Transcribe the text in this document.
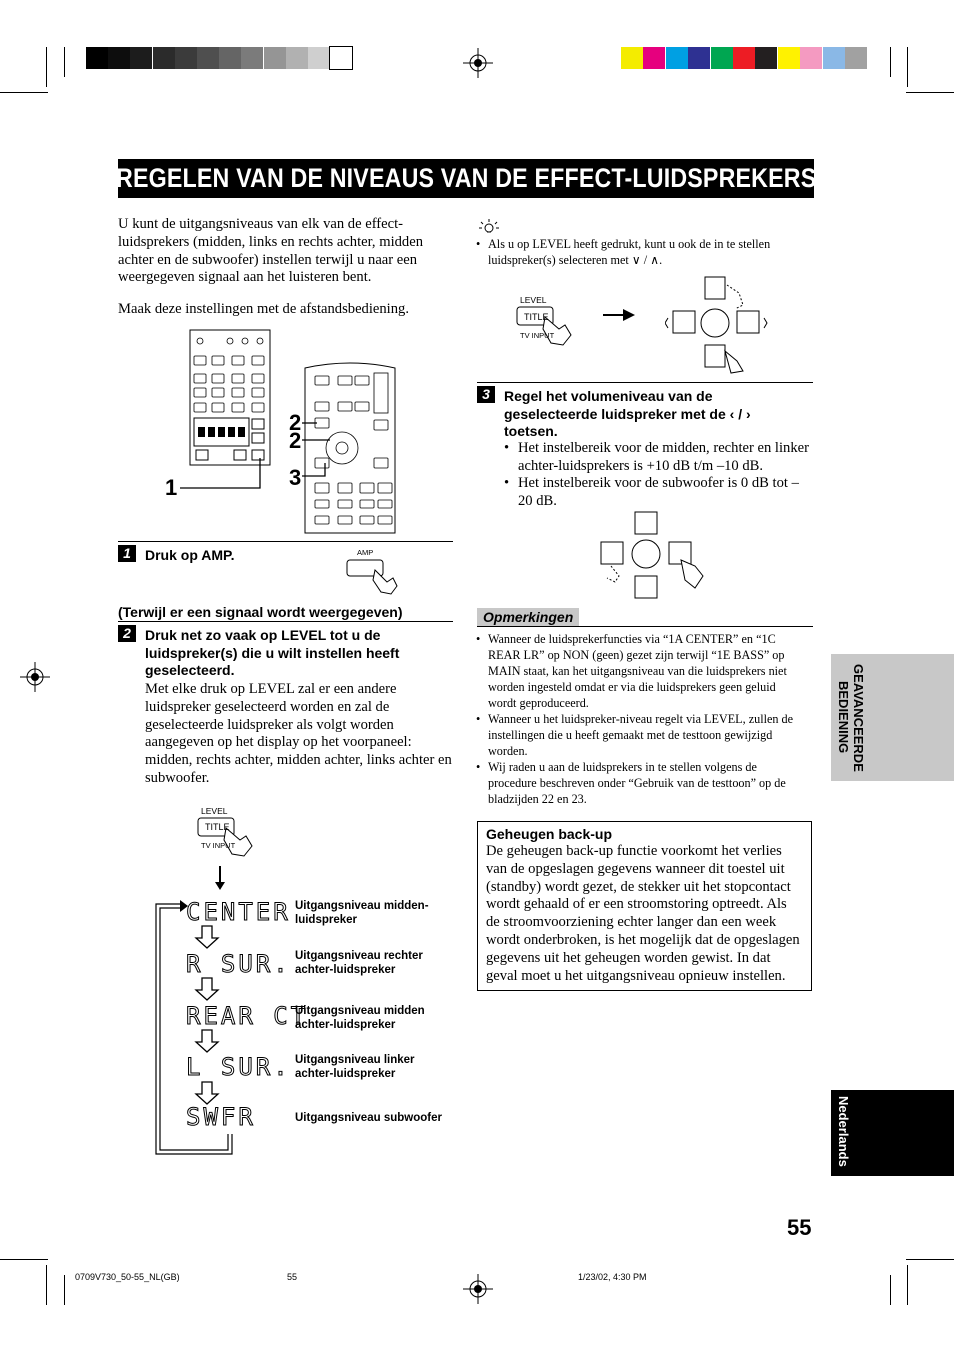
REGELEN VAN DE NIVEAUS VAN DE EFFECT-LUIDSPREKERS
U kunt de uitgangsniveaus van elk van de effect-luidsprekers (midden, links en rechts achter, midden achter en de subwoofer) instellen terwijl u naar een weergegeven signaal aan het luisteren bent.
Maak deze instellingen met de afstandsbediening.
1
2
2
3
1	Druk op AMP.	AMP
(Terwijl er een signaal wordt weergegeven)
2	Druk net zo vaak op LEVEL tot u de luidspreker(s) die u wilt instellen heeft geselecteerd.
Met elke druk op LEVEL zal er een andere luidspreker geselecteerd worden en zal de geselecteerde luidspreker als volgt worden aangegeven op het display op het voorpaneel: midden, rechts achter, midden achter, links achter en subwoofer.
LEVEL
TITLE
TV INPUT
CENTER
R SUR.
REAR CT
L SUR.
SWFR
Uitgangsniveau midden-luidspreker
Uitgangsniveau rechter achter-luidspreker
Uitgangsniveau midden achter-luidspreker
Uitgangsniveau linker achter-luidspreker
Uitgangsniveau subwoofer
• Als u op LEVEL heeft gedrukt, kunt u ook de in te stellen luidspreker(s) selecteren met ∨ / ∧.
LEVEL
TITLE
TV INPUT
3	Regel het volumeniveau van de geselecteerde luidspreker met de ‹ / › toetsen.
• Het instelbereik voor de midden, rechter en linker achter-luidsprekers is +10 dB t/m –10 dB.
• Het instelbereik voor de subwoofer is 0 dB tot –20 dB.
Opmerkingen
• Wanneer de luidsprekerfuncties via “1A CENTER” en “1C REAR LR” op NON (geen) gezet zijn terwijl “1E BASS” op MAIN staat, kan het uitgangsniveau van die luidsprekers niet worden ingesteld omdat er via die luidsprekers geen geluid wordt geproduceerd.
• Wanneer u het luidspreker-niveau regelt via LEVEL, zullen de instellingen die u heeft gemaakt met de testtoon gewijzigd worden.
• Wij raden u aan de luidsprekers in te stellen volgens de procedure beschreven onder “Gebruik van de testtoon” op de bladzijden 22 en 23.
Geheugen back-up
De geheugen back-up functie voorkomt het verlies van de opgeslagen gegevens wanneer dit toestel uit (standby) wordt gezet, de stekker uit het stopcontact wordt gehaald of er een stroomstoring optreedt. Als de stroomvoorziening echter langer dan een week wordt onderbroken, is het mogelijk dat de opgeslagen gegevens uit het geheugen worden gewist. In dat geval moet u het uitgangsniveau opnieuw instellen.
GEAVANCEERDE BEDIENING
Nederlands
55
0709V730_50-55_NL(GB)	55	1/23/02, 4:30 PM
